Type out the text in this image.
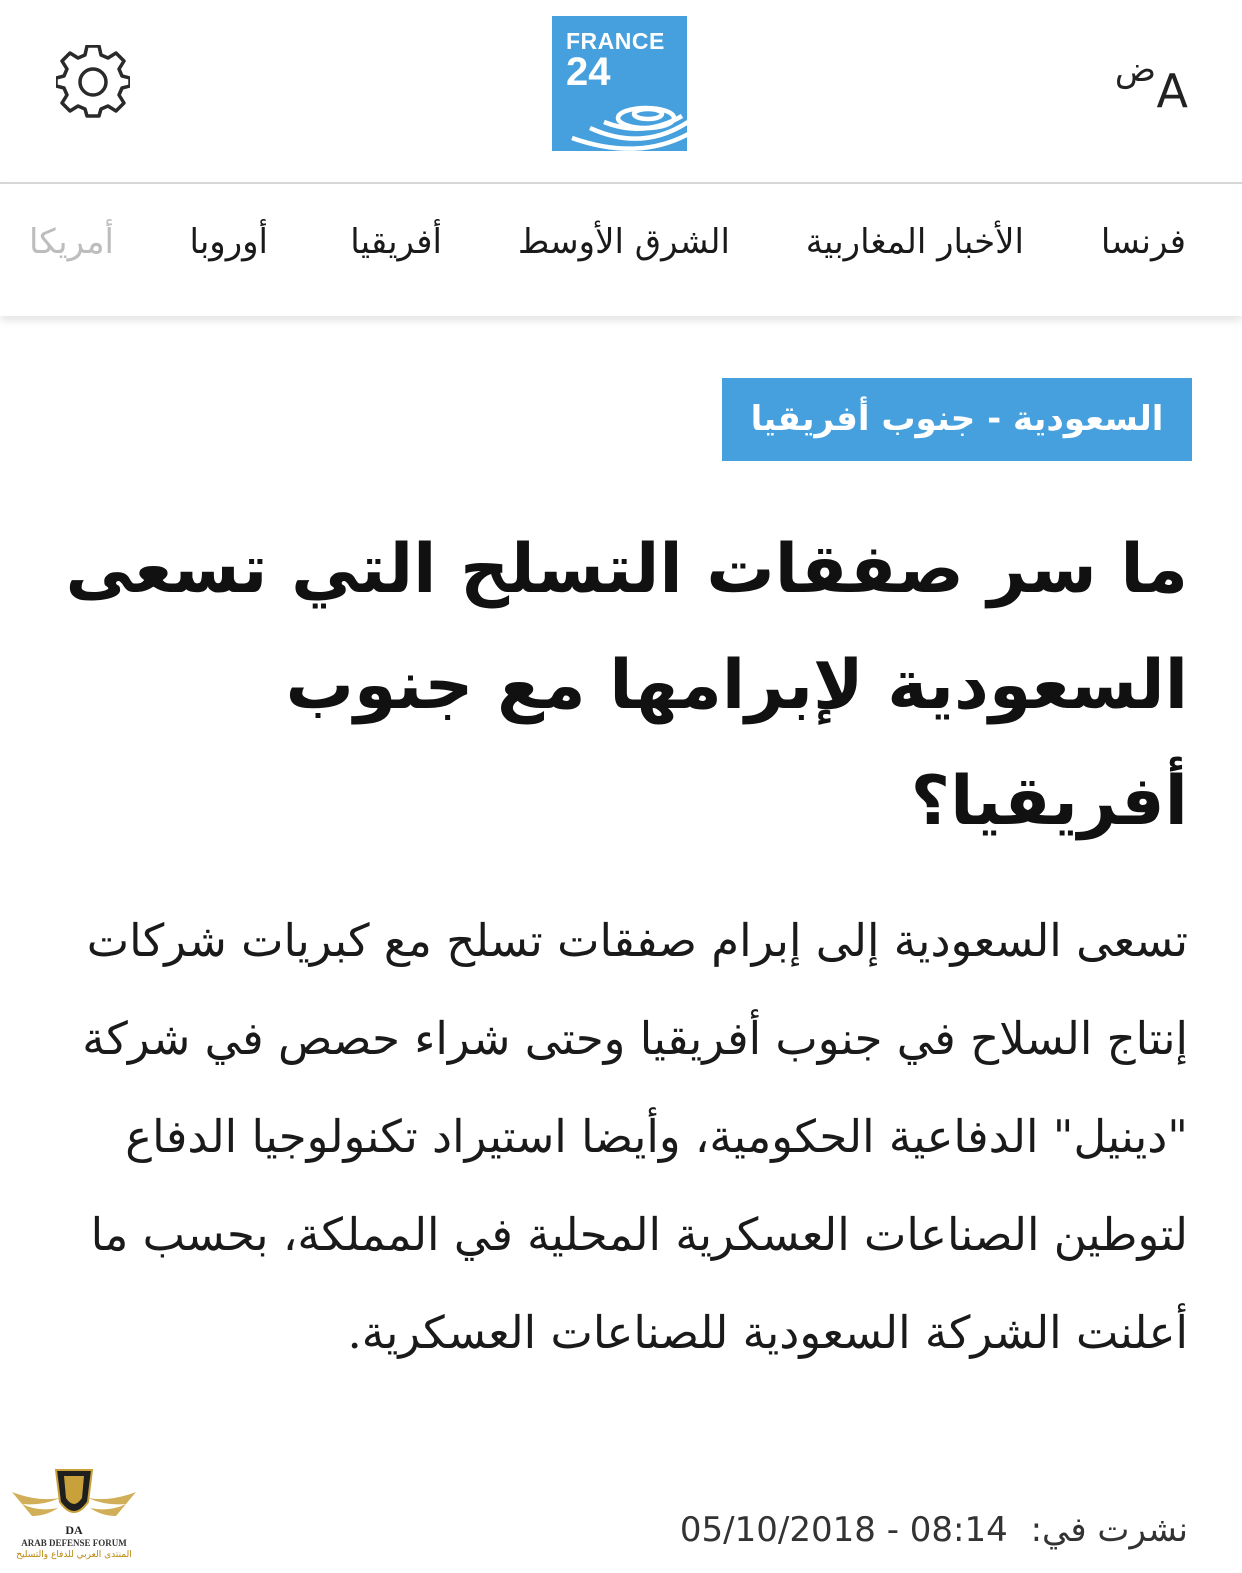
FRANCE
24	A
ض
فرنسا
الأخبار المغاربية
الشرق الأوسط
أفريقيا
أوروبا
أمريكا
السعودية - جنوب أفريقيا
ما سر صفقات التسلح التي تسعى السعودية لإبرامها مع جنوب أفريقيا؟

تسعى السعودية إلى إبرام صفقات تسلح مع كبريات شركات إنتاج السلاح في جنوب أفريقيا وحتى شراء حصص في شركة "دينيل" الدفاعية الحكومية، وأيضا استيراد تكنولوجيا الدفاع لتوطين الصناعات العسكرية المحلية في المملكة، بحسب ما أعلنت الشركة السعودية للصناعات العسكرية.

نشرت في: 05/10/2018 - 08:14
DA
ARAB DEFENSE FORUM
المنتدى العربي للدفاع والتسليح
